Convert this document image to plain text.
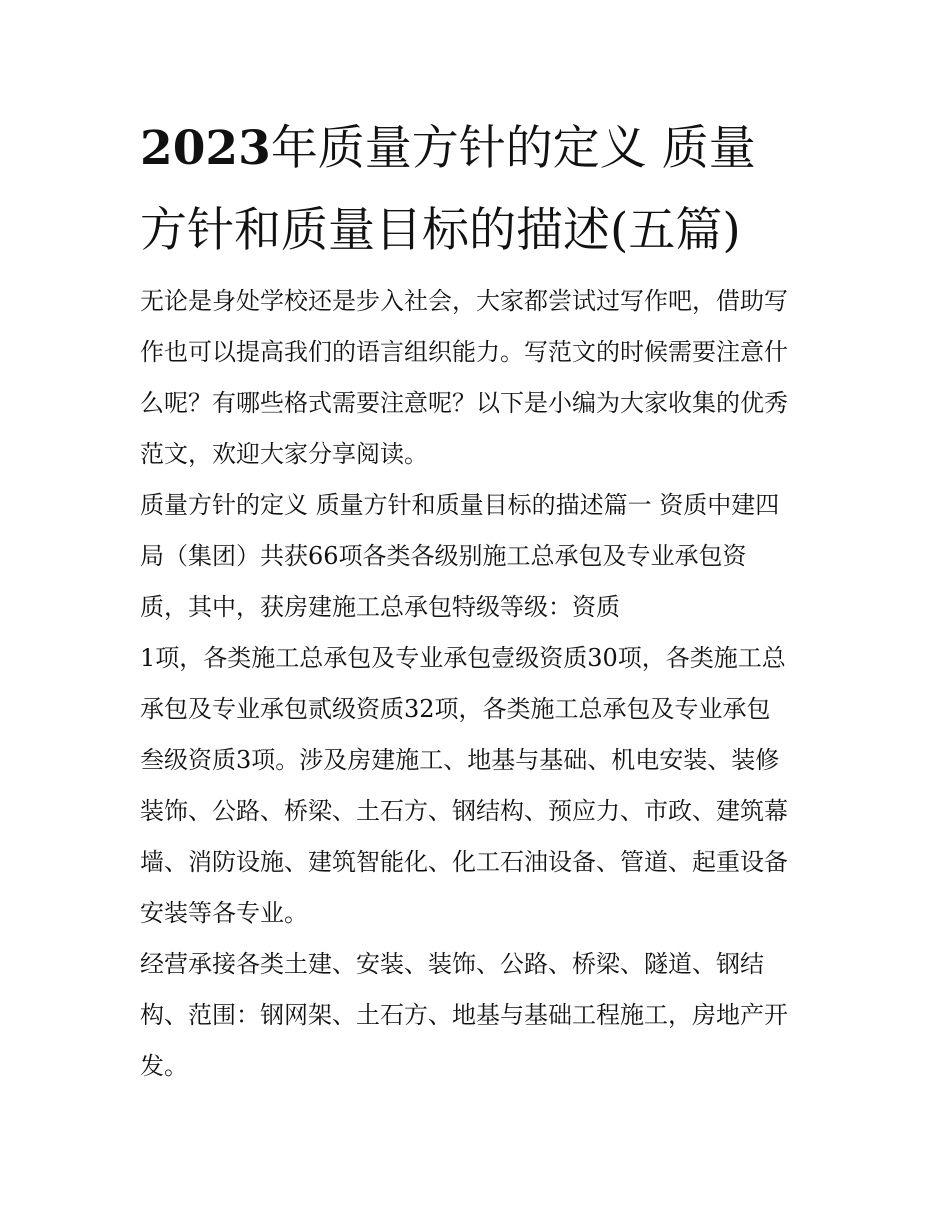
2023年质量方针的定义 质量
方针和质量目标的描述(五篇)
无论是身处学校还是步入社会，大家都尝试过写作吧，借助写
作也可以提高我们的语言组织能力。写范文的时候需要注意什
么呢？有哪些格式需要注意呢？以下是小编为大家收集的优秀
范文，欢迎大家分享阅读。
质量方针的定义 质量方针和质量目标的描述篇一 资质中建四
局（集团）共获66项各类各级别施工总承包及专业承包资
质，其中，获房建施工总承包特级等级：资质
1项，各类施工总承包及专业承包壹级资质30项，各类施工总
承包及专业承包贰级资质32项，各类施工总承包及专业承包
叁级资质3项。涉及房建施工、地基与基础、机电安装、装修
装饰、公路、桥梁、土石方、钢结构、预应力、市政、建筑幕
墙、消防设施、建筑智能化、化工石油设备、管道、起重设备
安装等各专业。
经营承接各类土建、安装、装饰、公路、桥梁、隧道、钢结
构、范围：钢网架、土石方、地基与基础工程施工，房地产开
发。
